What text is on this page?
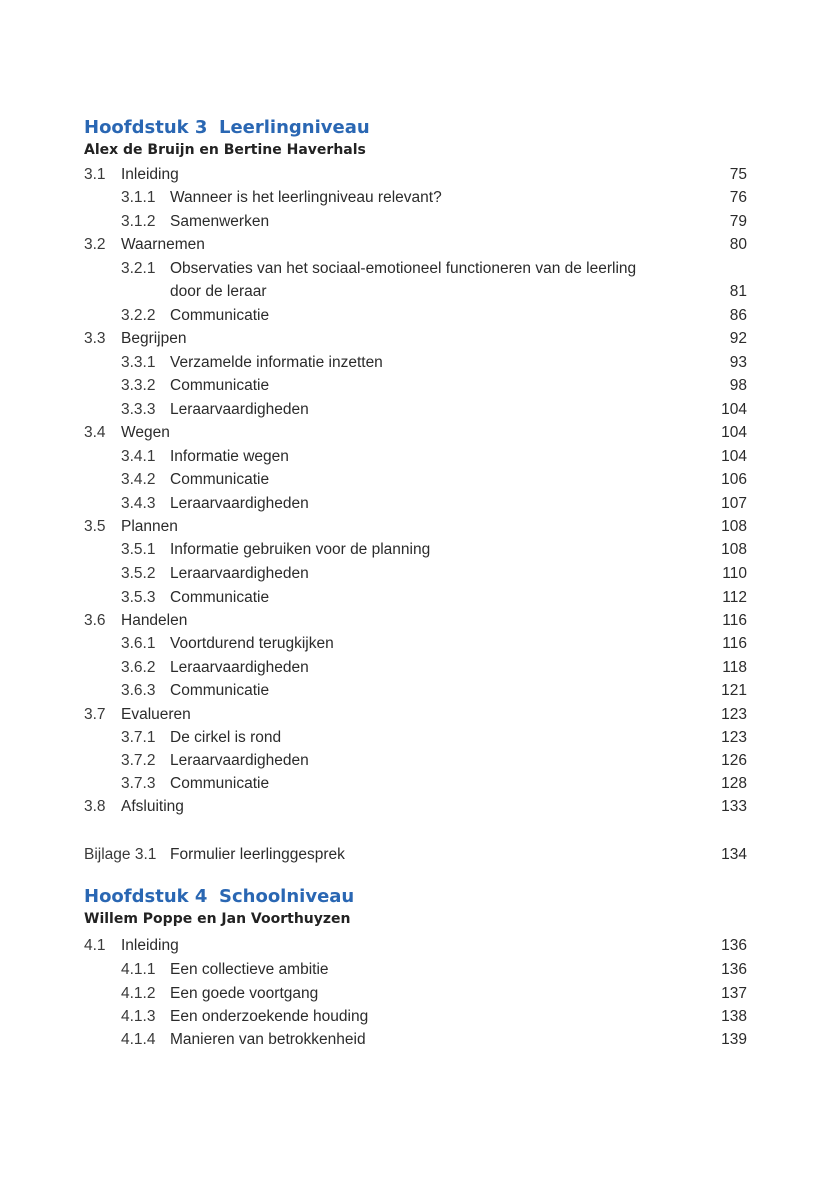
Hoofdstuk 3 Leerlingniveau
Alex de Bruijn en Bertine Haverhals
3.1 Inleiding	75
3.1.1 Wanneer is het leerlingniveau relevant?	76
3.1.2 Samenwerken	79
3.2 Waarnemen	80
3.2.1 Observaties van het sociaal-emotioneel functioneren van de leerling
door de leraar	81
3.2.2 Communicatie	86
3.3 Begrijpen	92
3.3.1 Verzamelde informatie inzetten	93
3.3.2 Communicatie	98
3.3.3 Leraarvaardigheden	104
3.4 Wegen	104
3.4.1 Informatie wegen	104
3.4.2 Communicatie	106
3.4.3 Leraarvaardigheden	107
3.5 Plannen	108
3.5.1 Informatie gebruiken voor de planning	108
3.5.2 Leraarvaardigheden	110
3.5.3 Communicatie	112
3.6 Handelen	116
3.6.1 Voortdurend terugkijken	116
3.6.2 Leraarvaardigheden	118
3.6.3 Communicatie	121
3.7 Evalueren	123
3.7.1 De cirkel is rond	123
3.7.2 Leraarvaardigheden	126
3.7.3 Communicatie	128
3.8 Afsluiting	133
Bijlage 3.1 Formulier leerlinggesprek	134
Hoofdstuk 4 Schoolniveau
Willem Poppe en Jan Voorthuyzen
4.1 Inleiding	136
4.1.1 Een collectieve ambitie	136
4.1.2 Een goede voortgang	137
4.1.3 Een onderzoekende houding	138
4.1.4 Manieren van betrokkenheid	139
